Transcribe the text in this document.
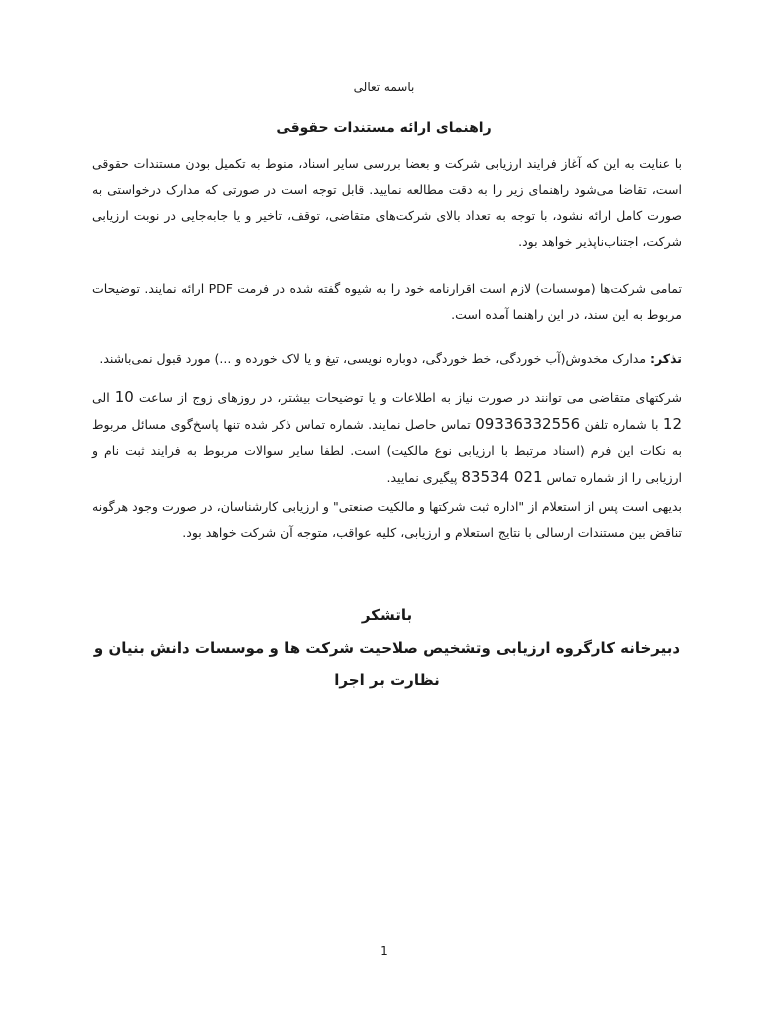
باسمه تعالی
راهنمای ارائه مستندات حقوقی

با عنایت به این که آغاز فرایند ارزیابی شرکت و بعضا بررسی سایر اسناد، منوط به تکمیل بودن مستندات حقوقی است، تقاضا می‌شود راهنمای زیر را به دقت مطالعه نمایید. قابل توجه است در صورتی که مدارک درخواستی به صورت کامل ارائه نشود، با توجه به تعداد بالای شرکت‌های متقاضی، توقف، تاخیر و یا جابه‌جایی در نوبت ارزیابی شرکت، اجتناب‌ناپذیر خواهد بود.

تمامی شرکت‌ها (موسسات) لازم است اقرارنامه خود را به شیوه گفته شده در فرمت PDF ارائه نمایند. توضیحات مربوط به این سند، در این راهنما آمده است.

تذکر: مدارک مخدوش(آب خوردگی، خط خوردگی، دوباره نویسی، تیغ و یا لاک خورده و ...) مورد قبول نمی‌باشند.

شرکتهای متقاضی می توانند در صورت نیاز به اطلاعات و یا توضیحات بیشتر، در روزهای زوج از ساعت 10 الی 12 با شماره تلفن 09336332556 تماس حاصل نمایند. شماره تماس ذکر شده تنها پاسخ‌گوی مسائل مربوط به نکات این فرم (اسناد مرتبط با ارزیابی نوع مالکیت) است. لطفا سایر سوالات مربوط به فرایند ثبت نام و ارزیابی را از شماره تماس 021 83534 پیگیری نمایید.

بدیهی است پس از استعلام از "اداره ثبت شرکتها و مالکیت صنعتی" و ارزیابی کارشناسان، در صورت وجود هرگونه تناقض بین مستندات ارسالی با نتایج استعلام و ارزیابی، کلیه عواقب، متوجه آن شرکت خواهد بود.

باتشکر
دبیرخانه کارگروه ارزیابی وتشخیص صلاحیت شرکت ها و موسسات دانش بنیان و نظارت بر اجرا
1
